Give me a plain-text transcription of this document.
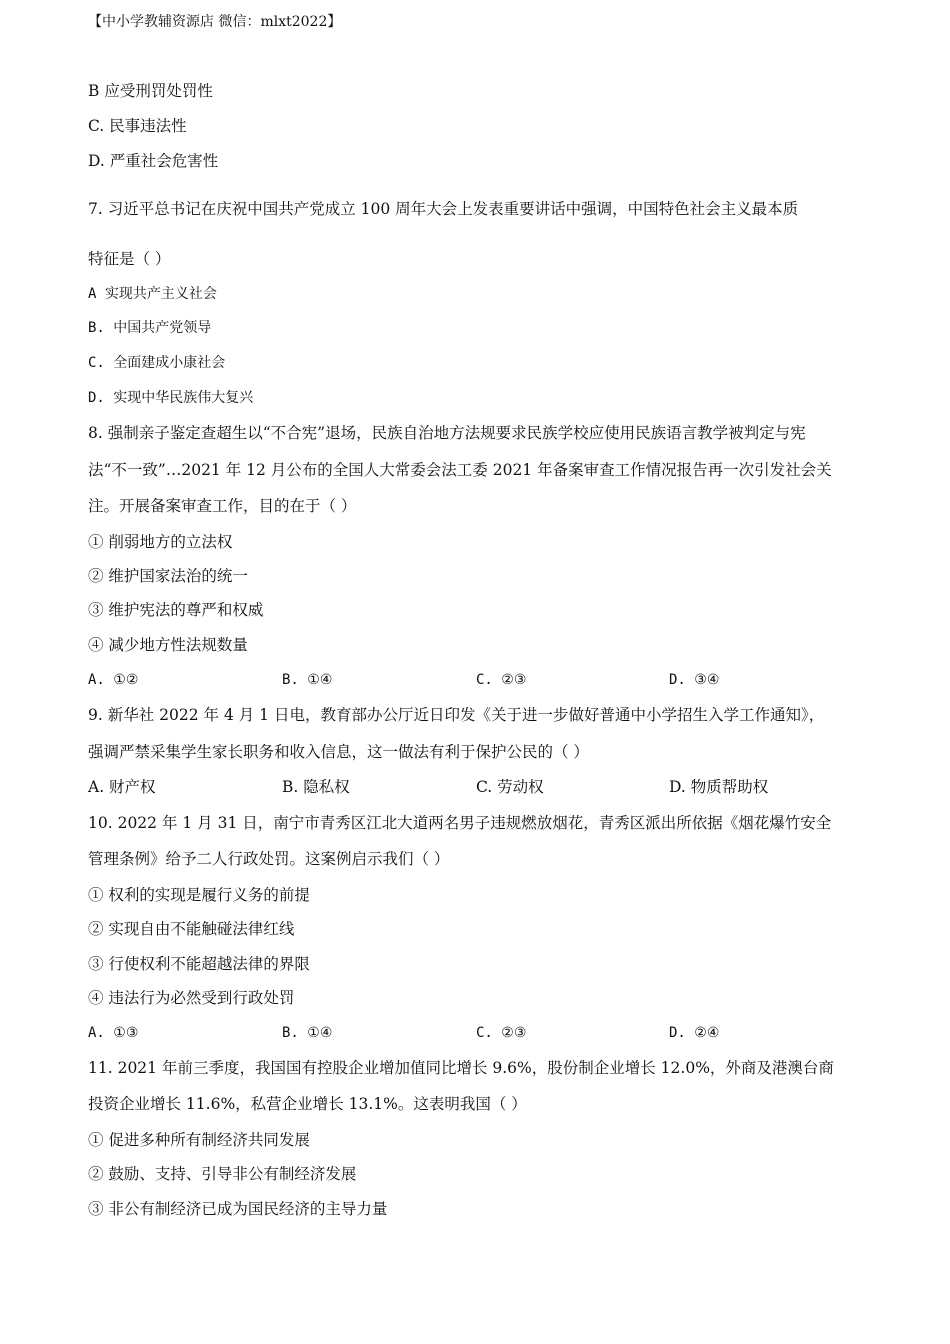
【中小学教辅资源店 微信：mlxt2022】
B 应受刑罚处罚性
C. 民事违法性
D. 严重社会危害性
7. 习近平总书记在庆祝中国共产党成立 100 周年大会上发表重要讲话中强调，中国特色社会主义最本质
特征是（ ）
A 实现共产主义社会
B. 中国共产党领导
C. 全面建成小康社会
D. 实现中华民族伟大复兴
8. 强制亲子鉴定查超生以“不合宪”退场，民族自治地方法规要求民族学校应使用民族语言教学被判定与宪
法“不一致”…2021 年 12 月公布的全国人大常委会法工委 2021 年备案审查工作情况报告再一次引发社会关
注。开展备案审查工作，目的在于（ ）
① 削弱地方的立法权
② 维护国家法治的统一
③ 维护宪法的尊严和权威
④ 减少地方性法规数量
A. ①②	B. ①④	C. ②③	D. ③④
9. 新华社 2022 年 4 月 1 日电，教育部办公厅近日印发《关于进一步做好普通中小学招生入学工作通知》，
强调严禁采集学生家长职务和收入信息，这一做法有利于保护公民的（ ）
A. 财产权	B. 隐私权	C. 劳动权	D. 物质帮助权
10. 2022 年 1 月 31 日，南宁市青秀区江北大道两名男子违规燃放烟花，青秀区派出所依据《烟花爆竹安全
管理条例》给予二人行政处罚。这案例启示我们（ ）
① 权利的实现是履行义务的前提
② 实现自由不能触碰法律红线
③ 行使权利不能超越法律的界限
④ 违法行为必然受到行政处罚
A. ①③	B. ①④	C. ②③	D. ②④
11. 2021 年前三季度，我国国有控股企业增加值同比增长 9.6%，股份制企业增长 12.0%，外商及港澳台商
投资企业增长 11.6%，私营企业增长 13.1%。这表明我国（ ）
① 促进多种所有制经济共同发展
② 鼓励、支持、引导非公有制经济发展
③ 非公有制经济已成为国民经济的主导力量
